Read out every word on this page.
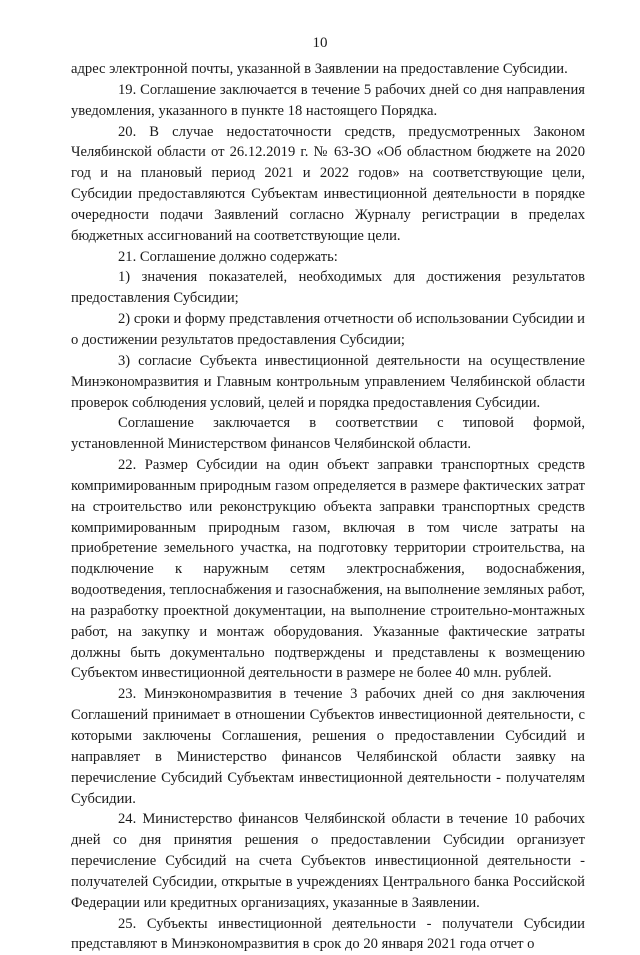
10

адрес электронной почты, указанной в Заявлении на предоставление Субсидии.

19. Соглашение заключается в течение 5 рабочих дней со дня направления уведомления, указанного в пункте 18 настоящего Порядка.

20. В случае недостаточности средств, предусмотренных Законом Челябинской области от 26.12.2019 г. № 63-ЗО «Об областном бюджете на 2020 год и на плановый период 2021 и 2022 годов» на соответствующие цели, Субсидии предоставляются Субъектам инвестиционной деятельности в порядке очередности подачи Заявлений согласно Журналу регистрации в пределах бюджетных ассигнований на соответствующие цели.

21. Соглашение должно содержать:

1) значения показателей, необходимых для достижения результатов предоставления Субсидии;

2) сроки и форму представления отчетности об использовании Субсидии и о достижении результатов предоставления Субсидии;

3) согласие Субъекта инвестиционной деятельности на осуществление Минэкономразвития и Главным контрольным управлением Челябинской области проверок соблюдения условий, целей и порядка предоставления Субсидии.

Соглашение заключается в соответствии с типовой формой, установленной Министерством финансов Челябинской области.

22. Размер Субсидии на один объект заправки транспортных средств компримированным природным газом определяется в размере фактических затрат на строительство или реконструкцию объекта заправки транспортных средств компримированным природным газом, включая в том числе затраты на приобретение земельного участка, на подготовку территории строительства, на подключение к наружным сетям электроснабжения, водоснабжения, водоотведения, теплоснабжения и газоснабжения, на выполнение земляных работ, на разработку проектной документации, на выполнение строительно-монтажных работ, на закупку и монтаж оборудования. Указанные фактические затраты должны быть документально подтверждены и представлены к возмещению Субъектом инвестиционной деятельности в размере не более 40 млн. рублей.

23. Минэкономразвития в течение 3 рабочих дней со дня заключения Соглашений принимает в отношении Субъектов инвестиционной деятельности, с которыми заключены Соглашения, решения о предоставлении Субсидий и направляет в Министерство финансов Челябинской области заявку на перечисление Субсидий Субъектам инвестиционной деятельности - получателям Субсидии.

24. Министерство финансов Челябинской области в течение 10 рабочих дней со дня принятия решения о предоставлении Субсидии организует перечисление Субсидий на счета Субъектов инвестиционной деятельности - получателей Субсидии, открытые в учреждениях Центрального банка Российской Федерации или кредитных организациях, указанные в Заявлении.

25. Субъекты инвестиционной деятельности - получатели Субсидии представляют в Минэкономразвития в срок до 20 января 2021 года отчет о
